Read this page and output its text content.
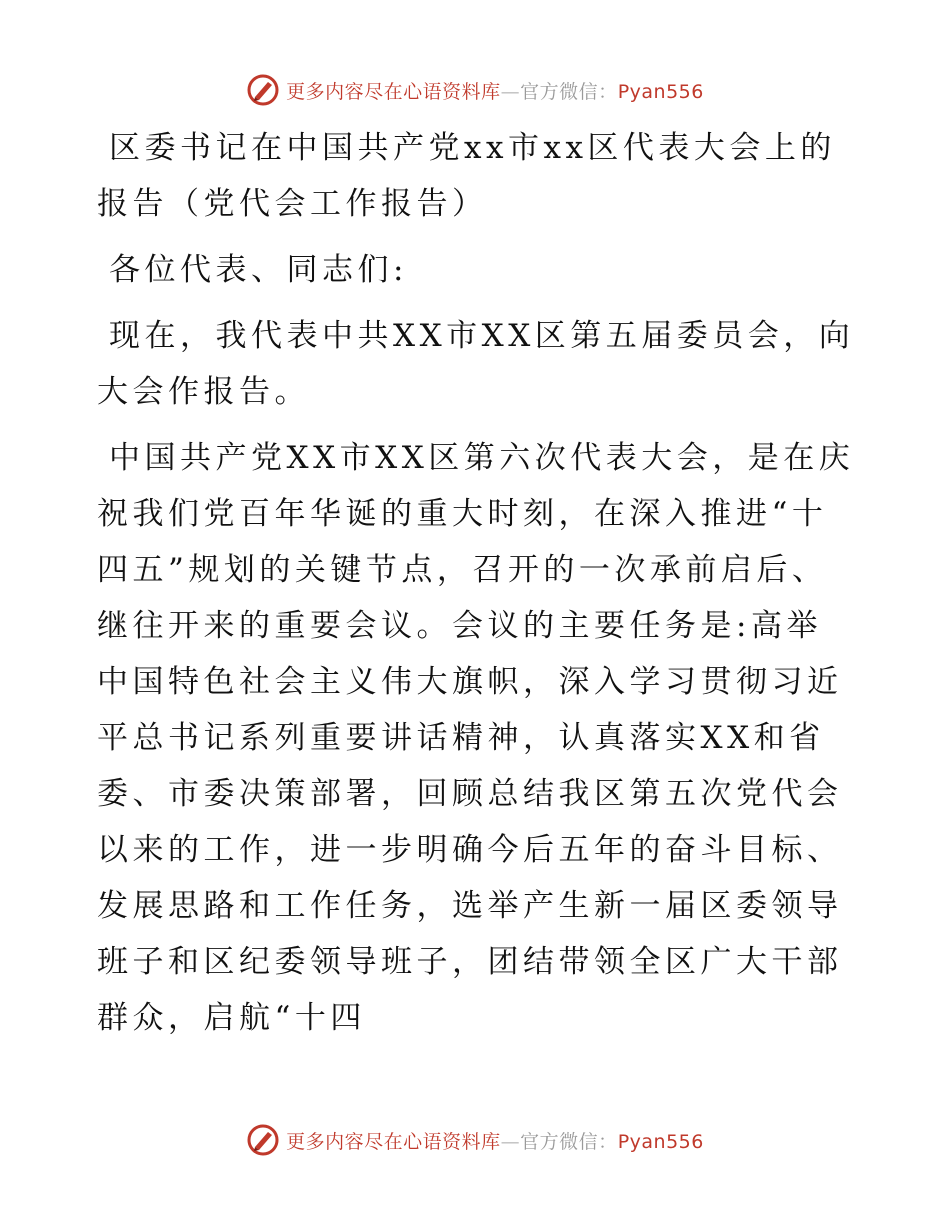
更多内容尽在心语资料库—官方微信：Pyan556

区委书记在中国共产党xx市xx区代表大会上的报告（党代会工作报告）

各位代表、同志们:

现在，我代表中共XX市XX区第五届委员会，向大会作报告。

中国共产党XX市XX区第六次代表大会，是在庆祝我们党百年华诞的重大时刻，在深入推进“十四五”规划的关键节点，召开的一次承前启后、继往开来的重要会议。会议的主要任务是:高举中国特色社会主义伟大旗帜，深入学习贯彻习近平总书记系列重要讲话精神，认真落实XX和省委、市委决策部署，回顾总结我区第五次党代会以来的工作，进一步明确今后五年的奋斗目标、发展思路和工作任务，选举产生新一届区委领导班子和区纪委领导班子，团结带领全区广大干部群众，启航“十四

更多内容尽在心语资料库—官方微信：Pyan556
